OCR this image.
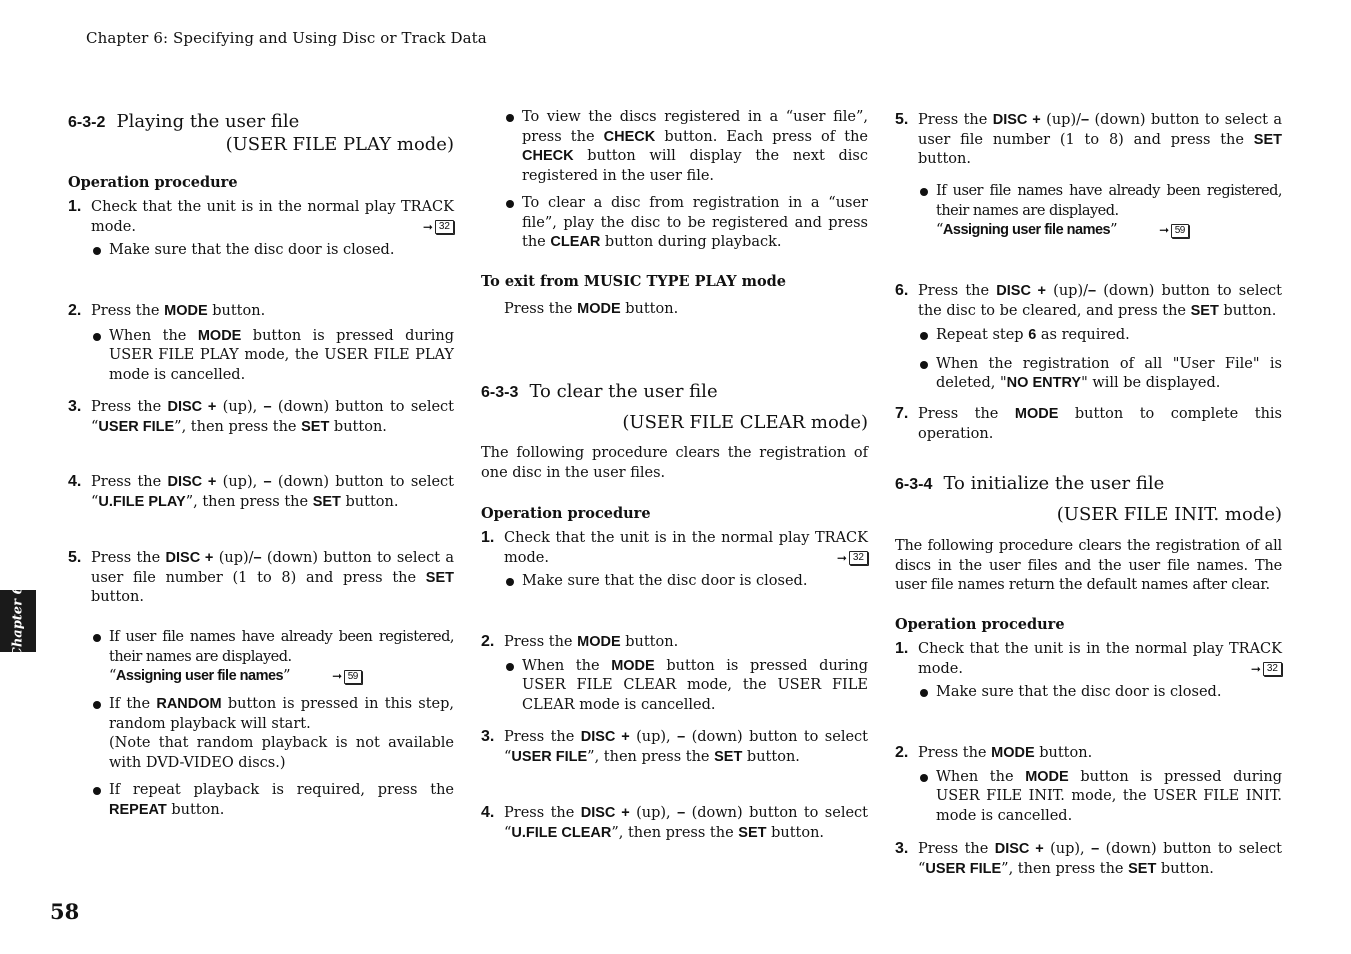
Chapter 6: Specifying and Using Disc or Track Data
6-3-2 Playing the user file
(USER FILE PLAY mode)
Operation procedure
1. Check that the unit is in the normal play TRACK mode.	➞ 32
Make sure that the disc door is closed.
2. Press the MODE button.
When the MODE button is pressed during USER FILE PLAY mode, the USER FILE PLAY mode is cancelled.
3. Press the DISC + (up), – (down) button to select “USER FILE”, then press the SET button.
4. Press the DISC + (up), – (down) button to select “U.FILE PLAY”, then press the SET button.
5. Press the DISC + (up)/– (down) button to select a user file number (1 to 8) and press the SET button.
If user file names have already been registered, their names are displayed.
“Assigning user file names”	➞ 59
If the RANDOM button is pressed in this step, random playback will start.
(Note that random playback is not available with DVD-VIDEO discs.)
If repeat playback is required, press the REPEAT button.
To view the discs registered in a “user file”, press the CHECK button. Each press of the CHECK button will display the next disc registered in the user file.
To clear a disc from registration in a “user file”, play the disc to be registered and press the CLEAR button during playback.
To exit from MUSIC TYPE PLAY mode
Press the MODE button.
6-3-3 To clear the user file
(USER FILE CLEAR mode)
The following procedure clears the registration of one disc in the user files.
Operation procedure
1. Check that the unit is in the normal play TRACK mode.	➞ 32
Make sure that the disc door is closed.
2. Press the MODE button.
When the MODE button is pressed during USER FILE CLEAR mode, the USER FILE CLEAR mode is cancelled.
3. Press the DISC + (up), – (down) button to select “USER FILE”, then press the SET button.
4. Press the DISC + (up), – (down) button to select “U.FILE CLEAR”, then press the SET button.
5. Press the DISC + (up)/– (down) button to select a user file number (1 to 8) and press the SET button.
If user file names have already been registered, their names are displayed.
“Assigning user file names”	➞ 59
6. Press the DISC + (up)/– (down) button to select the disc to be cleared, and press the SET button.
Repeat step 6 as required.
When the registration of all "User File" is deleted, "NO ENTRY" will be displayed.
7. Press the MODE button to complete this operation.
6-3-4 To initialize the user file
(USER FILE INIT. mode)
The following procedure clears the registration of all discs in the user files and the user file names. The user file names return the default names after clear.
Operation procedure
1. Check that the unit is in the normal play TRACK mode.	➞ 32
Make sure that the disc door is closed.
2. Press the MODE button.
When the MODE button is pressed during USER FILE INIT. mode, the USER FILE INIT. mode is cancelled.
3. Press the DISC + (up), – (down) button to select “USER FILE”, then press the SET button.
Chapter 6
58
